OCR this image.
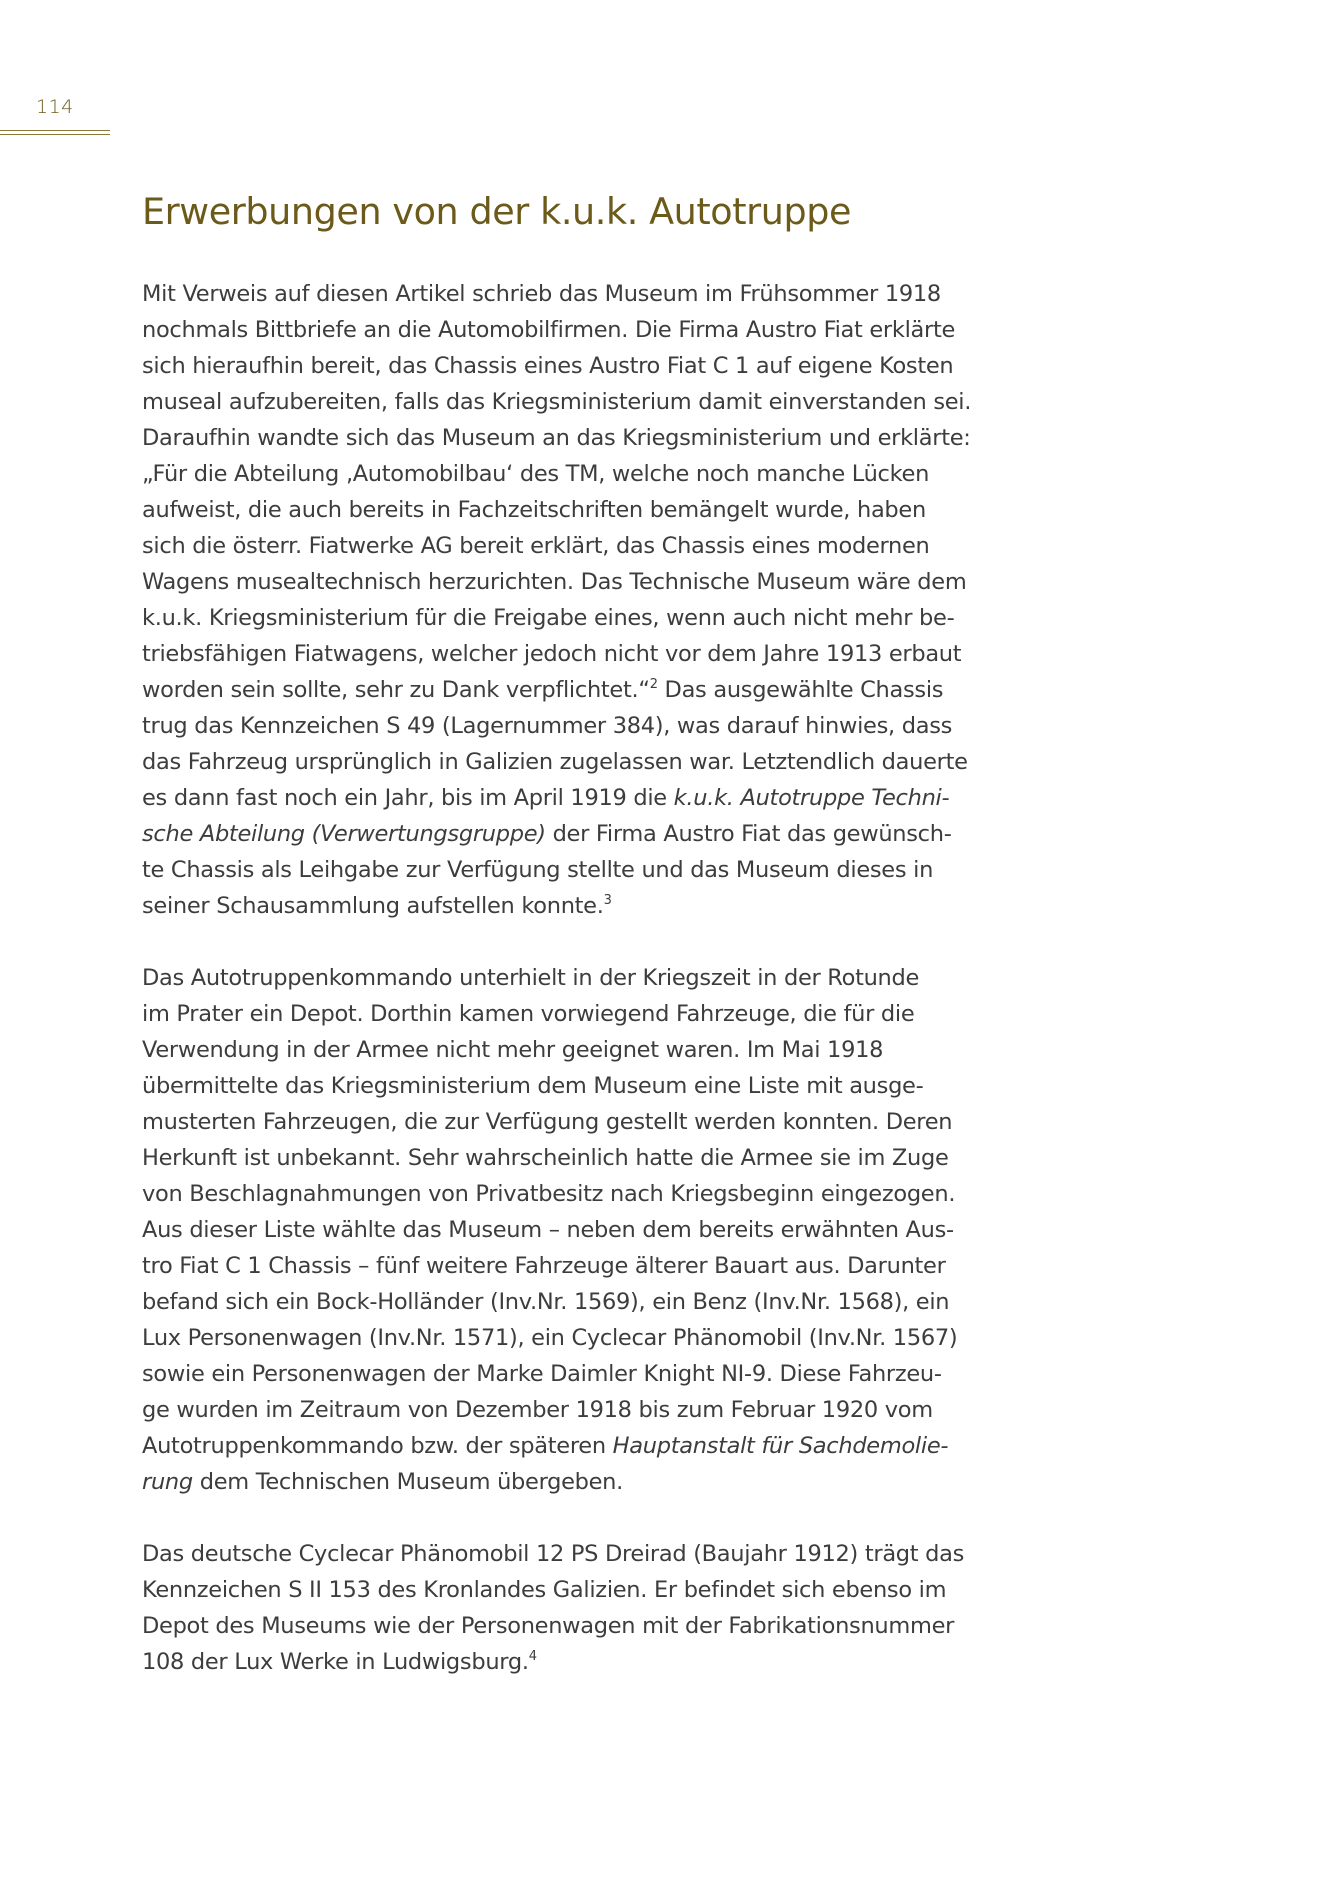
114
Erwerbungen von der k.u.k. Autotruppe

Mit Verweis auf diesen Artikel schrieb das Museum im Frühsommer 1918
nochmals Bittbriefe an die Automobilfirmen. Die Firma Austro Fiat erklärte
sich hieraufhin bereit, das Chassis eines Austro Fiat C 1 auf eigene Kosten
museal aufzubereiten, falls das Kriegsministerium damit einverstanden sei.
Daraufhin wandte sich das Museum an das Kriegsministerium und erklärte:
„Für die Abteilung ‚Automobilbau‘ des TM, welche noch manche Lücken
aufweist, die auch bereits in Fachzeitschriften bemängelt wurde, haben
sich die österr. Fiatwerke AG bereit erklärt, das Chassis eines modernen
Wagens musealtechnisch herzurichten. Das Technische Museum wäre dem
k.u.k. Kriegsministerium für die Freigabe eines, wenn auch nicht mehr be-
triebsfähigen Fiatwagens, welcher jedoch nicht vor dem Jahre 1913 erbaut
worden sein sollte, sehr zu Dank verpflichtet.“$^2$ Das ausgewählte Chassis
trug das Kennzeichen S 49 (Lagernummer 384), was darauf hinwies, dass
das Fahrzeug ursprünglich in Galizien zugelassen war. Letztendlich dauerte
es dann fast noch ein Jahr, bis im April 1919 die k.u.k. Autotruppe Techni-
sche Abteilung (Verwertungsgruppe) der Firma Austro Fiat das gewünsch-
te Chassis als Leihgabe zur Verfügung stellte und das Museum dieses in
seiner Schausammlung aufstellen konnte.$^3$

Das Autotruppenkommando unterhielt in der Kriegszeit in der Rotunde
im Prater ein Depot. Dorthin kamen vorwiegend Fahrzeuge, die für die
Verwendung in der Armee nicht mehr geeignet waren. Im Mai 1918
übermittelte das Kriegsministerium dem Museum eine Liste mit ausge-
musterten Fahrzeugen, die zur Verfügung gestellt werden konnten. Deren
Herkunft ist unbekannt. Sehr wahrscheinlich hatte die Armee sie im Zuge
von Beschlagnahmungen von Privatbesitz nach Kriegsbeginn eingezogen.
Aus dieser Liste wählte das Museum – neben dem bereits erwähnten Aus-
tro Fiat C 1 Chassis – fünf weitere Fahrzeuge älterer Bauart aus. Darunter
befand sich ein Bock-Holländer (Inv.Nr. 1569), ein Benz (Inv.Nr. 1568), ein
Lux Personenwagen (Inv.Nr. 1571), ein Cyclecar Phänomobil (Inv.Nr. 1567)
sowie ein Personenwagen der Marke Daimler Knight NI-9. Diese Fahrzeu-
ge wurden im Zeitraum von Dezember 1918 bis zum Februar 1920 vom
Autotruppenkommando bzw. der späteren Hauptanstalt für Sachdemolie-
rung dem Technischen Museum übergeben.

Das deutsche Cyclecar Phänomobil 12 PS Dreirad (Baujahr 1912) trägt das
Kennzeichen S II 153 des Kronlandes Galizien. Er befindet sich ebenso im
Depot des Museums wie der Personenwagen mit der Fabrikationsnummer
108 der Lux Werke in Ludwigsburg.$^4$
